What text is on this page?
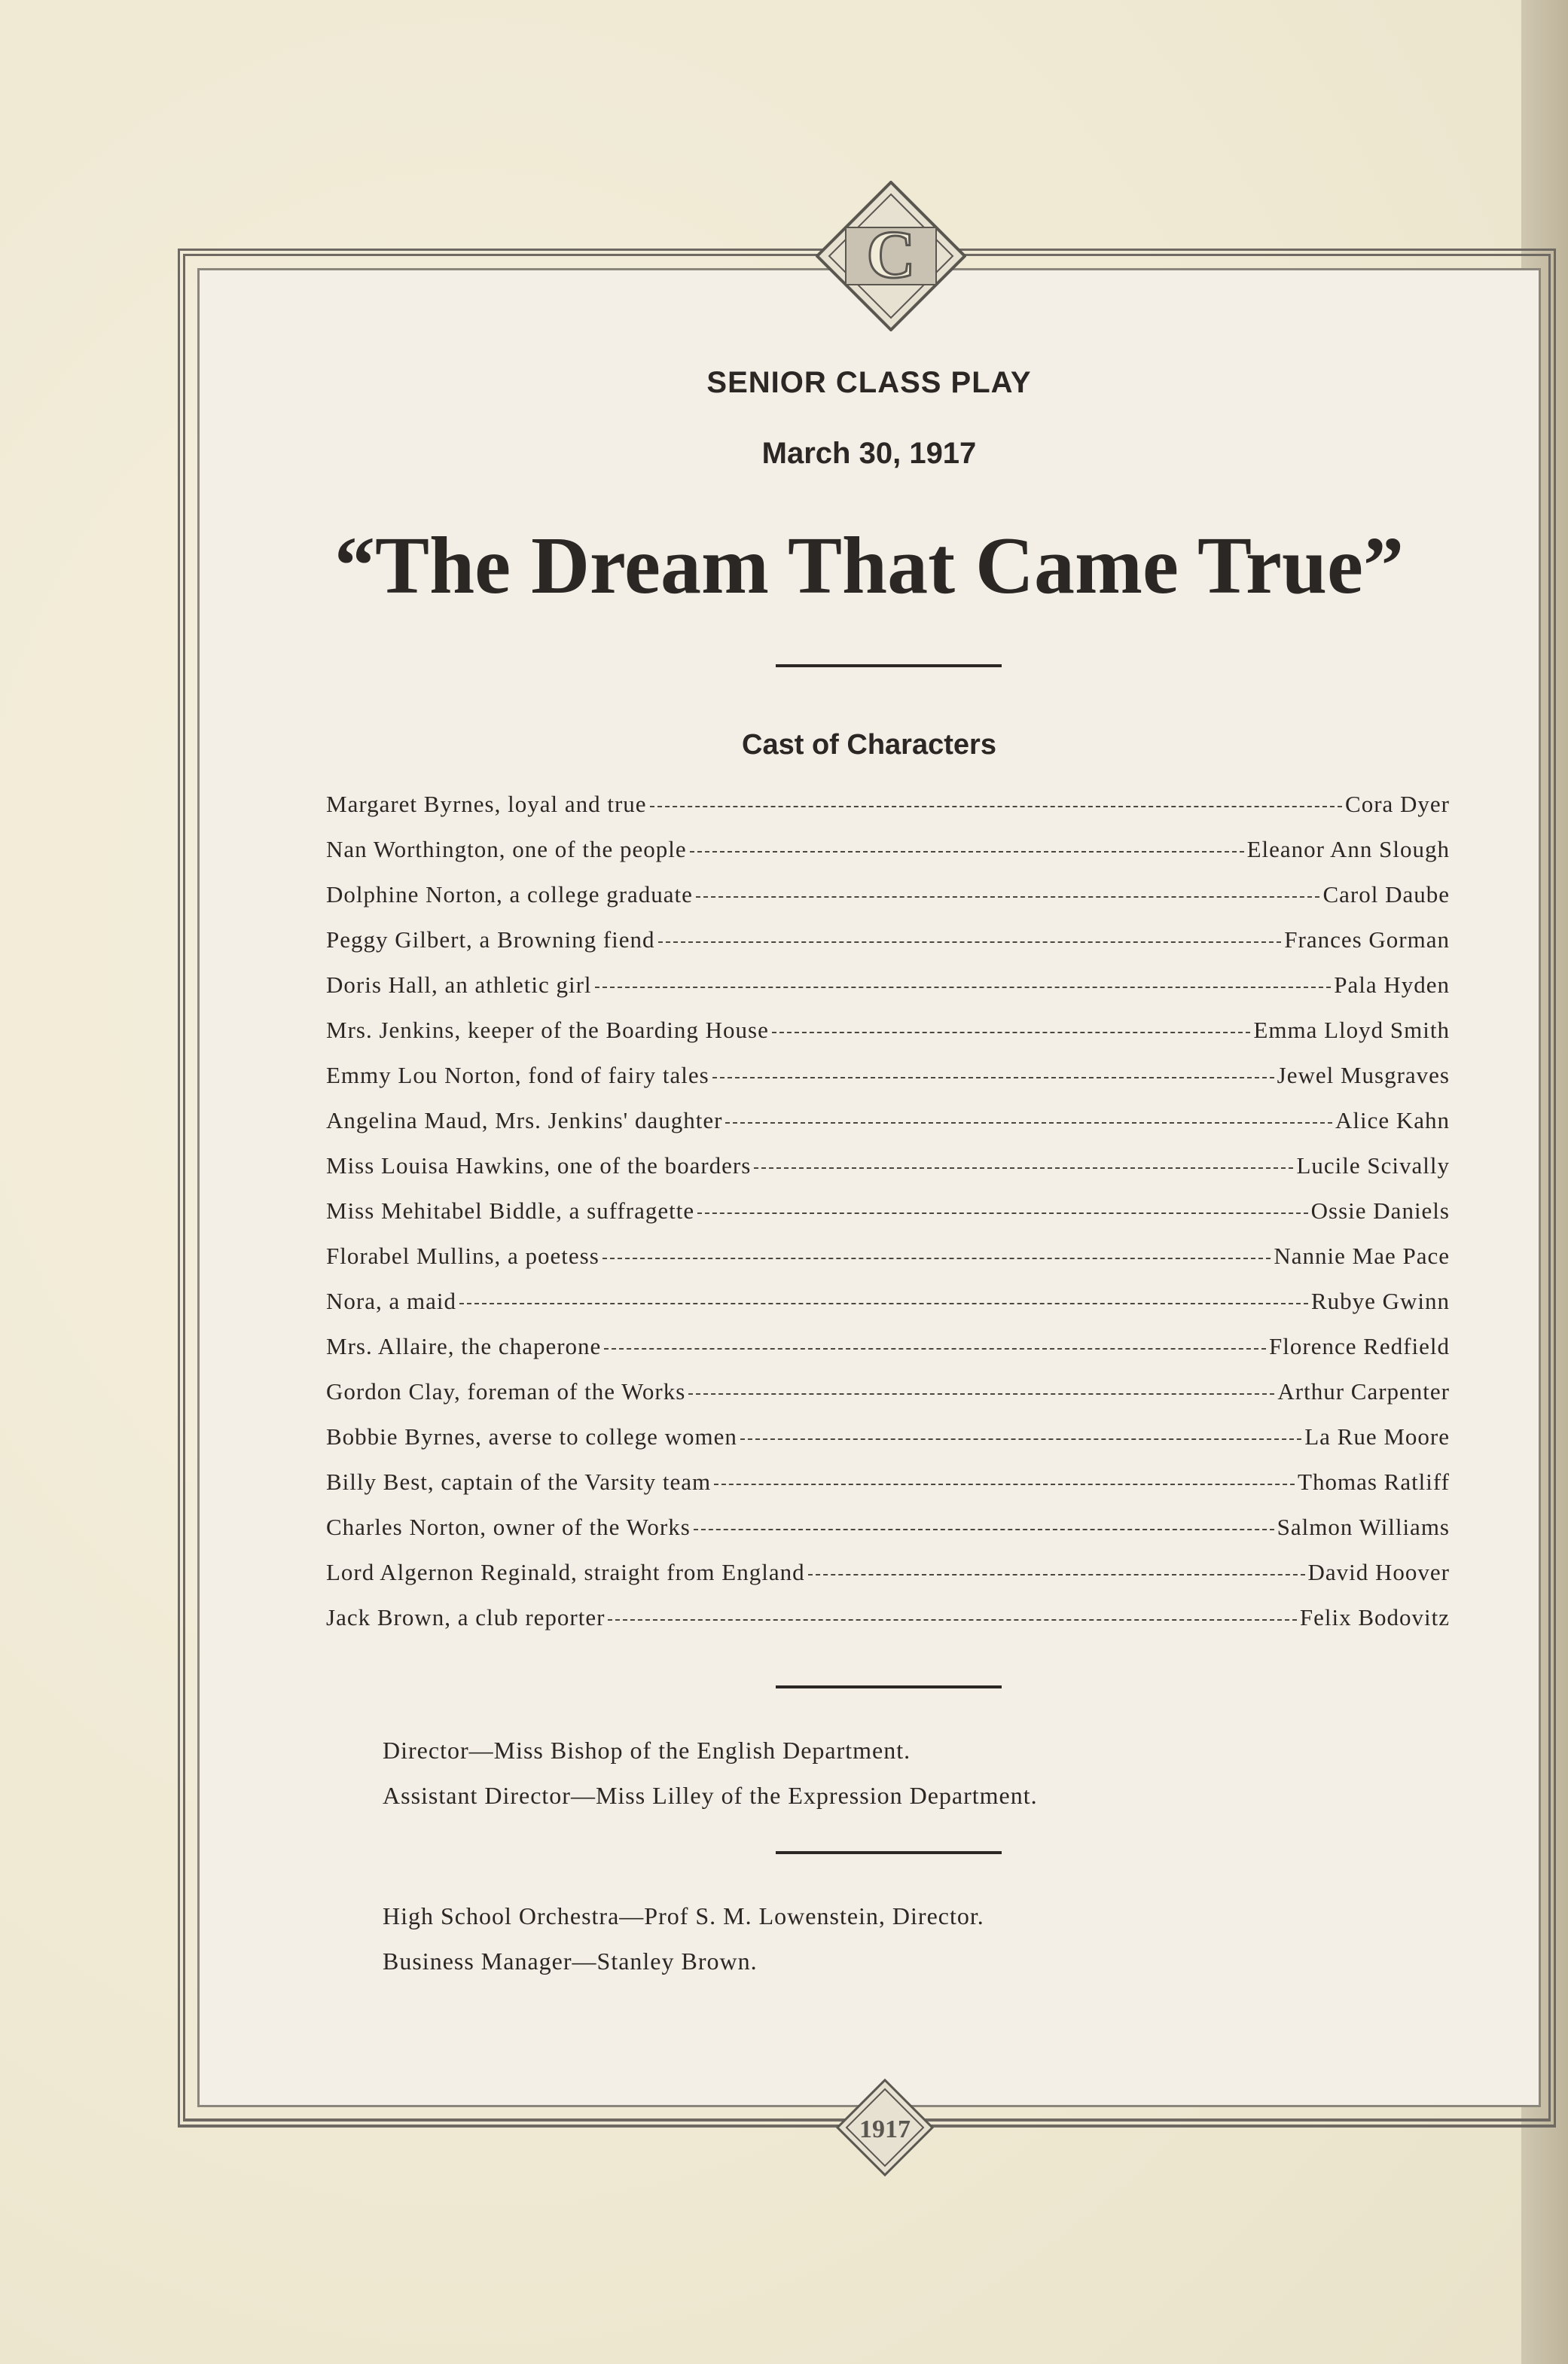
C
SENIOR CLASS PLAY
March 30, 1917
“The Dream That Came True”
Cast of Characters
Margaret Byrnes, loyal and true	Cora Dyer
Nan Worthington, one of the people	Eleanor Ann Slough
Dolphine Norton, a college graduate	Carol Daube
Peggy Gilbert, a Browning fiend	Frances Gorman
Doris Hall, an athletic girl	Pala Hyden
Mrs. Jenkins, keeper of the Boarding House	Emma Lloyd Smith
Emmy Lou Norton, fond of fairy tales	Jewel Musgraves
Angelina Maud, Mrs. Jenkins' daughter	Alice Kahn
Miss Louisa Hawkins, one of the boarders	Lucile Scivally
Miss Mehitabel Biddle, a suffragette	Ossie Daniels
Florabel Mullins, a poetess	Nannie Mae Pace
Nora, a maid	Rubye Gwinn
Mrs. Allaire, the chaperone	Florence Redfield
Gordon Clay, foreman of the Works	Arthur Carpenter
Bobbie Byrnes, averse to college women	La Rue Moore
Billy Best, captain of the Varsity team	Thomas Ratliff
Charles Norton, owner of the Works	Salmon Williams
Lord Algernon Reginald, straight from England	David Hoover
Jack Brown, a club reporter	Felix Bodovitz

Director—Miss Bishop of the English Department.

Assistant Director—Miss Lilley of the Expression Department.

High School Orchestra—Prof S. M. Lowenstein, Director.

Business Manager—Stanley Brown.

1917
